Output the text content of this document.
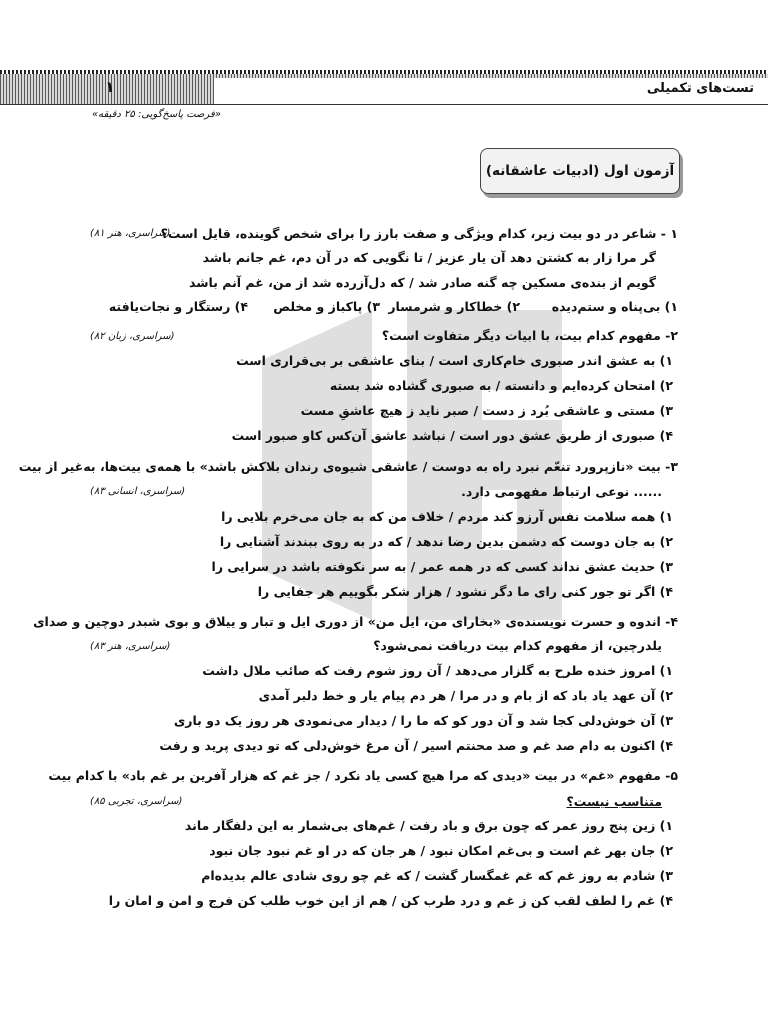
۱	تست‌های تکمیلی
«فرصت پاسخ‌گویی: ۲۵ دقیقه»
آزمون اول (ادبیات عاشقانه)
۱ - شاعر در دو بیت زیر، کدام ویژگی و صفت بارز را برای شخص گوینده، قایل است؟
(سراسری، هنر ۸۱)
گر مرا زار به کشتن دهد آن یار عزیز / تا نگویی که در آن دم، غم جانم باشد
گویم از بنده‌ی مسکین چه گنه صادر شد / که دل‌آزرده شد از من، غم آنم باشد
۱) بی‌پناه و ستم‌دیده
۲) خطاکار و شرمسار
۳) پاکباز و مخلص
۴) رستگار و نجات‌یافته
۲- مفهوم کدام بیت، با ابیات دیگر متفاوت است؟
(سراسری، زبان ۸۲)
۱) به عشق اندر صبوری خام‌کاری است / بنای عاشقی بر بی‌قراری است
۲) امتحان کرده‌ایم و دانسته / به صبوری گشاده شد بسته
۳) مستی و عاشقی‌ بُرد ز دست / صبر ناید ز هیچ عاشقِ مست
۴) صبوری از طریق عشق دور است / نباشد عاشق آن‌کس کاو صبور است
۳- بیت «نازپرورد تنعّم نبرد راه به دوست / عاشقی شیوه‌ی رندان بلاکش باشد» با همه‌ی بیت‌ها، به‌غیر از بیت
...... نوعی ارتباط مفهومی دارد.
(سراسری، انسانی ۸۳)
۱) همه سلامت نفس آرزو کند مردم / خلاف من که به جان می‌خرم بلایی را
۲) به جان دوست که دشمن بدین رضا ندهد / که در به روی ببندند آشنایی را
۳) حدیث عشق نداند کسی که در همه عمر / به سر نکوفته باشد در سرایی را
۴) اگر تو جور کنی رای ما دگر نشود / هزار شکر بگوییم هر جفایی را
۴- اندوه و حسرت نویسنده‌ی «بخارای من، ایل من» از دوری ایل و تبار و ییلاق و بوی شبدر دوچین و صدای
یلدرچین، از مفهوم کدام بیت دریافت نمی‌شود؟
(سراسری، هنر ۸۳)
۱) امروز خنده طرح به گلزار می‌دهد / آن روز شوم رفت که صائب ملال داشت
۲) آن عهد یاد باد که از بام و در مرا / هر دم پیام یار و خط دلبر آمدی
۳) آن خوش‌دلی کجا شد و آن دور کو که ما را / دیدار می‌نمودی هر روز یک دو باری
۴) اکنون به دام صد غم و صد محنتم اسیر / آن مرغ خوش‌دلی که تو دیدی پرید و رفت
۵- مفهوم «غم» در بیت «دیدی که مرا هیچ کسی یاد نکرد / جز غم که هزار آفرین بر غم باد» با کدام بیت
متناسب نیست؟
(سراسری، تجربی ۸۵)
۱) زین پنج روز عمر که چون برق و باد رفت / غم‌های بی‌شمار به این دلفگار ماند
۲) جان بهر غم است و بی‌غم امکان نبود / هر جان که در او غم نبود جان نبود
۳) شادم به روز غم که غم غمگسار گشت / که غم چو روی شادی عالم بدیده‌ام
۴) غم را لطف لقب کن ز غم و درد طرب کن / هم از این خوب طلب کن فرج و امن و امان را
